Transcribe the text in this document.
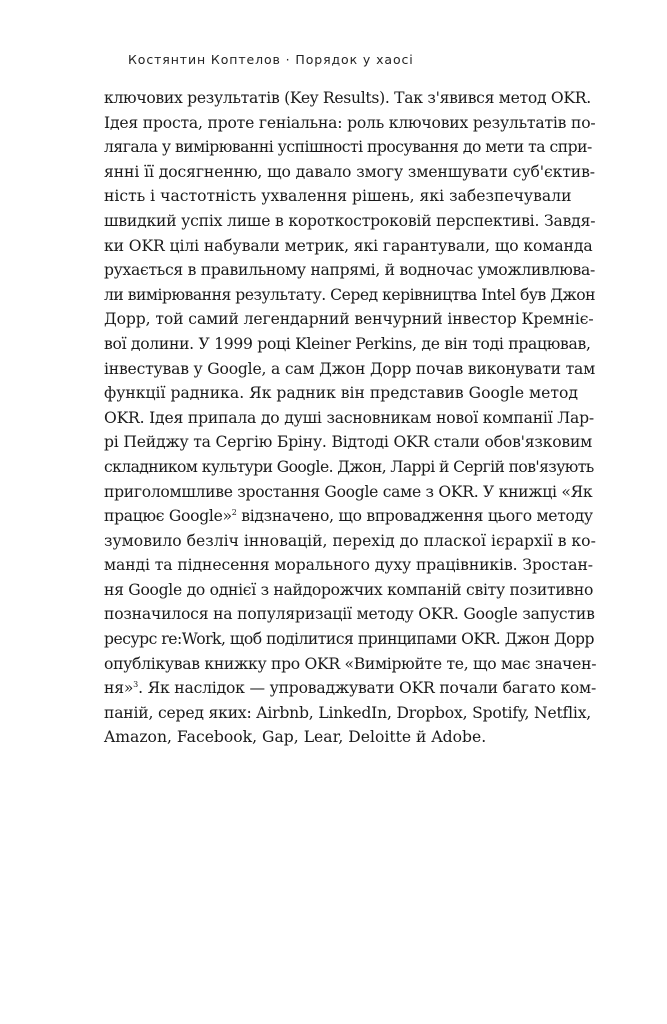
Костянтин Коптелов · Порядок у хаосі
ключових результатів (Key Results). Так з'явився метод OKR.
Ідея проста, проте геніальна: роль ключових результатів по-
лягала у вимірюванні успішності просування до мети та спри-
янні її досягненню, що давало змогу зменшувати суб'єктив-
ність і частотність ухвалення рішень, які забезпечували
швидкий успіх лише в короткостроковій перспективі. Завдя-
ки OKR цілі набували метрик, які гарантували, що команда
рухається в правильному напрямі, й водночас уможливлюва-
ли вимірювання результату. Серед керівництва Intel був Джон
Дорр, той самий легендарний венчурний інвестор Кремніє-
вої долини. У 1999 році Kleiner Perkins, де він тоді працював,
інвестував у Google, а сам Джон Дорр почав виконувати там
функції радника. Як радник він представив Google метод
OKR. Ідея припала до душі засновникам нової компанії Лар-
рі Пейджу та Сергію Бріну. Відтоді OKR стали обов'язковим
складником культури Google. Джон, Ларрі й Сергій пов'язують
приголомшливе зростання Google саме з OKR. У книжці «Як
працює Google»$^2$ відзначено, що впровадження цього методу
зумовило безліч інновацій, перехід до пласкої ієрархії в ко-
манді та піднесення морального духу працівників. Зростан-
ня Google до однієї з найдорожчих компаній світу позитивно
позначилося на популяризації методу OKR. Google запустив
ресурс re:Work, щоб поділитися принципами OKR. Джон Дорр
опублікував книжку про OKR «Вимірюйте те, що має значен-
ня»$^3$. Як наслідок — упроваджувати OKR почали багато ком-
паній, серед яких: Airbnb, LinkedIn, Dropbox, Spotify, Netflix,
Amazon, Facebook, Gap, Lear, Deloitte й Adobe.
